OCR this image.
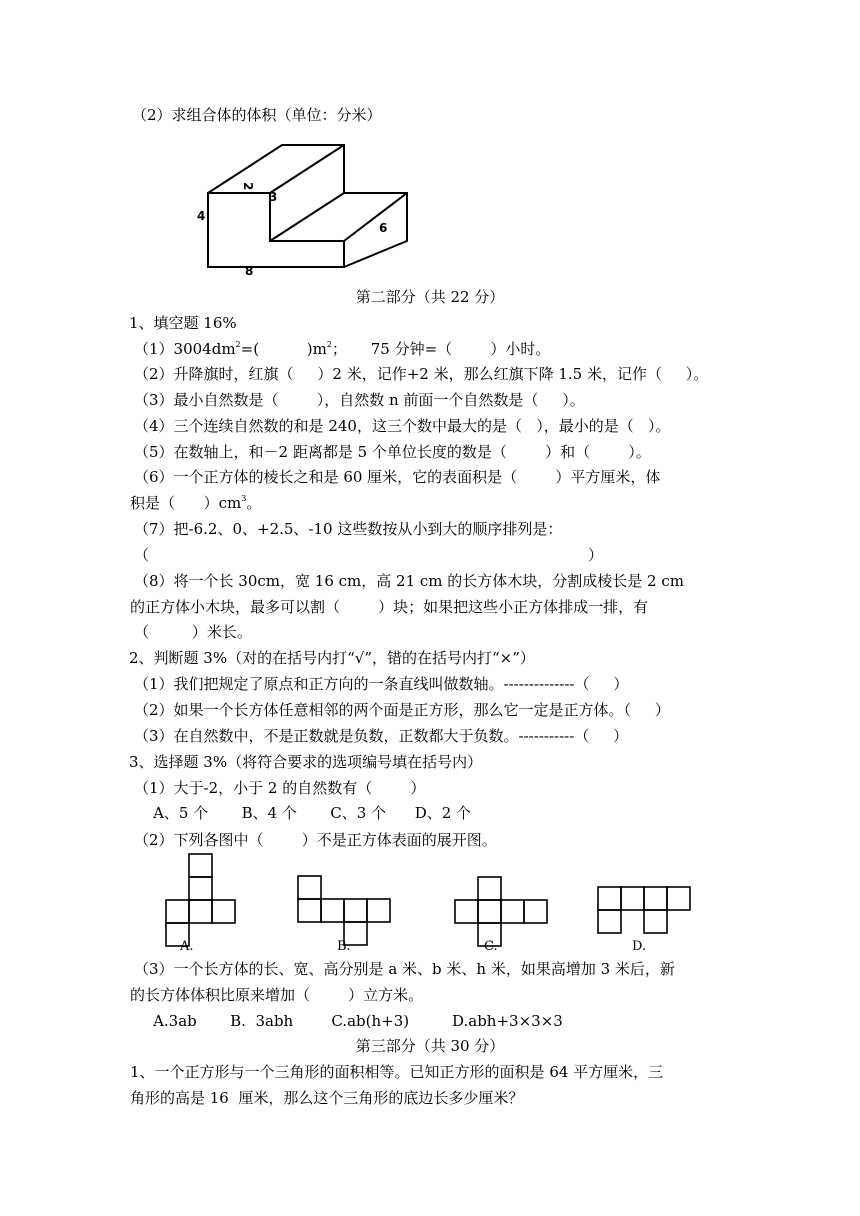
（2）求组合体的体积（单位：分米）
2
3
4
6
8
第二部分（共 22 分）
1、填空题 16%
$(1)3004dm^2=$(          )$m^2$；     75 分钟=（        ）小时。
（2）升降旗时，红旗（     ）2 米，记作+2 米，那么红旗下降 1.5 米，记作（     ）。
（3）最小自然数是（        ），自然数 n 前面一个自然数是（     ）。
（4）三个连续自然数的和是 240，这三个数中最大的是（   ），最小的是（   ）。
（5）在数轴上，和－2 距离都是 5 个单位长度的数是（        ）和（        ）。
（6）一个正方体的棱长之和是 60 厘米，它的表面积是（        ）平方厘米，体
积是（      ）$cm^3$。
（7）把-6.2、0、+2.5、-10 这些数按从小到大的顺序排列是：
（	）
（8）将一个长 30cm，宽 16 cm，高 21 cm 的长方体木块，分割成棱长是 2 cm
的正方体小木块，最多可以割（        ）块；如果把这些小正方体排成一排，有
（         ）米长。
2、判断题 3%（对的在括号内打“√”，错的在括号内打“×”）
（1）我们把规定了原点和正方向的一条直线叫做数轴。--------------（     ）
（2）如果一个长方体任意相邻的两个面是正方形，那么它一定是正方体。（     ）
（3）在自然数中，不是正数就是负数，正数都大于负数。-----------（     ）
3、选择题 3%（将符合要求的选项编号填在括号内）
（1）大于-2，小于 2 的自然数有（        ）
A、5 个       B、4 个       C、3 个      D、2 个
（2）下列各图中（        ）不是正方体表面的展开图。
A.	B.	C.	D.
（3）一个长方体的长、宽、高分别是 a 米、b 米、h 米，如果高增加 3 米后，新
的长方体体积比原来增加（        ）立方米。
A.3ab       B.  3abh        C.ab(h+3)         D.abh+3×3×3
第三部分（共 30 分）
1、一个正方形与一个三角形的面积相等。已知正方形的面积是 64 平方厘米，三
角形的高是 16  厘米，那么这个三角形的底边长多少厘米？
